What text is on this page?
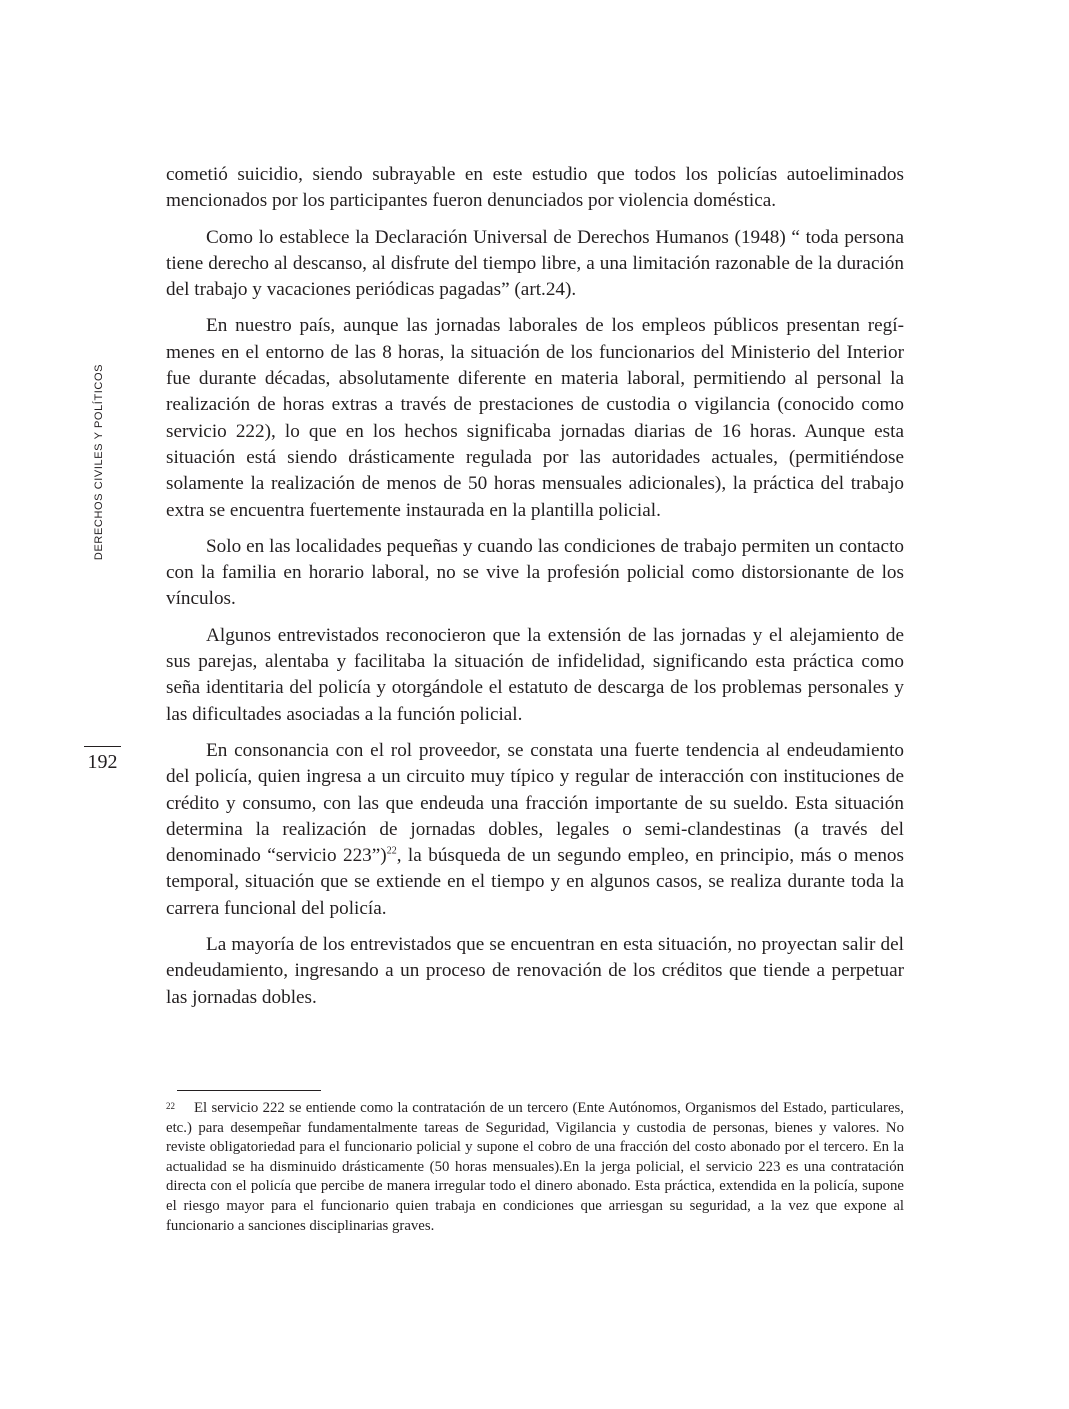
DERECHOS CIVILES Y POLÍTICOS
192

cometió suicidio, siendo subrayable en este estudio que todos los policías autoeliminados mencionados por los participantes fueron denunciados por violencia doméstica.

Como lo establece la Declaración Universal de Derechos Humanos (1948) “ toda persona tiene derecho al descanso, al disfrute del tiempo libre, a una limitación razonable de la duración del trabajo y vacaciones periódicas pagadas” (art.24).

En nuestro país, aunque las jornadas laborales de los empleos públicos presentan regímenes en el entorno de las 8 horas, la situación de los funcionarios del Ministerio del Interior fue durante décadas, absolutamente diferente en materia laboral, permitiendo al personal la realización de horas extras a través de prestaciones de custodia o vigilancia (conocido como servicio 222), lo que en los hechos significaba jornadas diarias de 16 horas. Aunque esta situación está siendo drásticamente regulada por las autoridades actuales, (permitiéndose solamente la realización de menos de 50 horas mensuales adicionales), la práctica del trabajo extra se encuentra fuertemente instaurada en la plantilla policial.

Solo en las localidades pequeñas y cuando las condiciones de trabajo permiten un contacto con la familia en horario laboral, no se vive la profesión policial como distorsionante de los vínculos.

Algunos entrevistados reconocieron que la extensión de las jornadas y el alejamiento de sus parejas, alentaba y facilitaba la situación de infidelidad, significando esta práctica como seña identitaria del policía y otorgándole el estatuto de descarga de los problemas personales y las dificultades asociadas a la función policial.

En consonancia con el rol proveedor, se constata una fuerte tendencia al endeudamiento del policía, quien ingresa a un circuito muy típico y regular de interacción con instituciones de crédito y consumo, con las que endeuda una fracción importante de su sueldo. Esta situación determina la realización de jornadas dobles, legales o semi-clandestinas (a través del denominado “servicio 223”)$^{22}$, la búsqueda de un segundo empleo, en principio, más o menos temporal, situación que se extiende en el tiempo y en algunos casos, se realiza durante toda la carrera funcional del policía.

La mayoría de los entrevistados que se encuentran en esta situación, no proyectan salir del endeudamiento, ingresando a un proceso de renovación de los créditos que tiende a perpetuar las jornadas dobles.

22 El servicio 222 se entiende como la contratación de un tercero (Ente Autónomos, Organismos del Estado, particulares, etc.) para desempeñar fundamentalmente tareas de Seguridad, Vigilancia y custodia de personas, bienes y valores. No reviste obligatoriedad para el funcionario policial y supone el cobro de una fracción del costo abonado por el tercero. En la actualidad se ha disminuido drásticamente (50 horas mensuales).En la jerga policial, el servicio 223 es una contratación directa con el policía que percibe de manera irregular todo el dinero abonado. Esta práctica, extendida en la policía, supone el riesgo mayor para el funcionario quien trabaja en condiciones que arriesgan su seguridad, a la vez que expone al funcionario a sanciones disciplinarias graves.
